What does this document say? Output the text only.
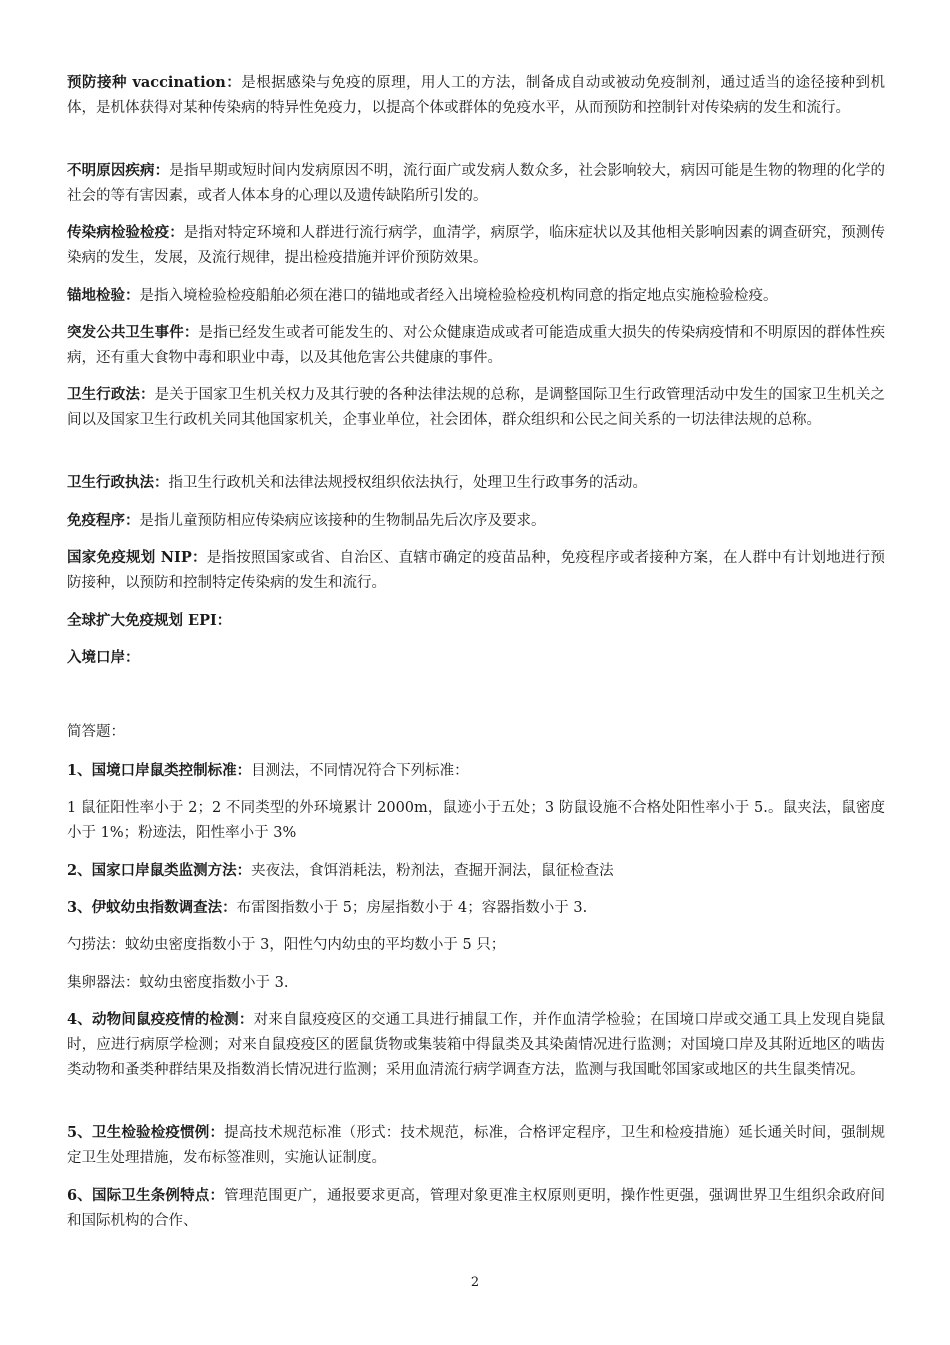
预防接种 vaccination：是根据感染与免疫的原理，用人工的方法，制备成自动或被动免疫制剂，通过适当的途径接种到机体，是机体获得对某种传染病的特异性免疫力，以提高个体或群体的免疫水平，从而预防和控制针对传染病的发生和流行。

不明原因疾病：是指早期或短时间内发病原因不明，流行面广或发病人数众多，社会影响较大，病因可能是生物的物理的化学的社会的等有害因素，或者人体本身的心理以及遗传缺陷所引发的。

传染病检验检疫：是指对特定环境和人群进行流行病学，血清学，病原学，临床症状以及其他相关影响因素的调查研究，预测传染病的发生，发展，及流行规律，提出检疫措施并评价预防效果。

锚地检验：是指入境检验检疫船舶必须在港口的锚地或者经入出境检验检疫机构同意的指定地点实施检验检疫。

突发公共卫生事件：是指已经发生或者可能发生的、对公众健康造成或者可能造成重大损失的传染病疫情和不明原因的群体性疾病，还有重大食物中毒和职业中毒，以及其他危害公共健康的事件。

卫生行政法：是关于国家卫生机关权力及其行驶的各种法律法规的总称，是调整国际卫生行政管理活动中发生的国家卫生机关之间以及国家卫生行政机关同其他国家机关，企事业单位，社会团体，群众组织和公民之间关系的一切法律法规的总称。

卫生行政执法：指卫生行政机关和法律法规授权组织依法执行，处理卫生行政事务的活动。

免疫程序：是指儿童预防相应传染病应该接种的生物制品先后次序及要求。

国家免疫规划 NIP：是指按照国家或省、自治区、直辖市确定的疫苗品种，免疫程序或者接种方案，在人群中有计划地进行预防接种，以预防和控制特定传染病的发生和流行。

全球扩大免疫规划 EPI：

入境口岸：

简答题：

1、国境口岸鼠类控制标准：目测法，不同情况符合下列标准：

1 鼠征阳性率小于 2；2 不同类型的外环境累计 2000m，鼠迹小于五处；3 防鼠设施不合格处阳性率小于 5.。鼠夹法，鼠密度小于 1%；粉迹法，阳性率小于 3%

2、国家口岸鼠类监测方法：夹夜法，食饵消耗法，粉剂法，查掘开洞法，鼠征检查法

3、伊蚊幼虫指数调查法：布雷图指数小于 5；房屋指数小于 4；容器指数小于 3.

勺捞法：蚊幼虫密度指数小于 3，阳性勺内幼虫的平均数小于 5 只；

集卵器法：蚊幼虫密度指数小于 3.

4、动物间鼠疫疫情的检测：对来自鼠疫疫区的交通工具进行捕鼠工作，并作血清学检验；在国境口岸或交通工具上发现自毙鼠时，应进行病原学检测；对来自鼠疫疫区的匿鼠货物或集装箱中得鼠类及其染菌情况进行监测；对国境口岸及其附近地区的啮齿类动物和蚤类种群结果及指数消长情况进行监测；采用血清流行病学调查方法，监测与我国毗邻国家或地区的共生鼠类情况。

5、卫生检验检疫惯例：提高技术规范标准（形式：技术规范，标准，合格评定程序，卫生和检疫措施）延长通关时间，强制规定卫生处理措施，发布标签准则，实施认证制度。

6、国际卫生条例特点：管理范围更广，通报要求更高，管理对象更准主权原则更明，操作性更强，强调世界卫生组织余政府间和国际机构的合作、

2
